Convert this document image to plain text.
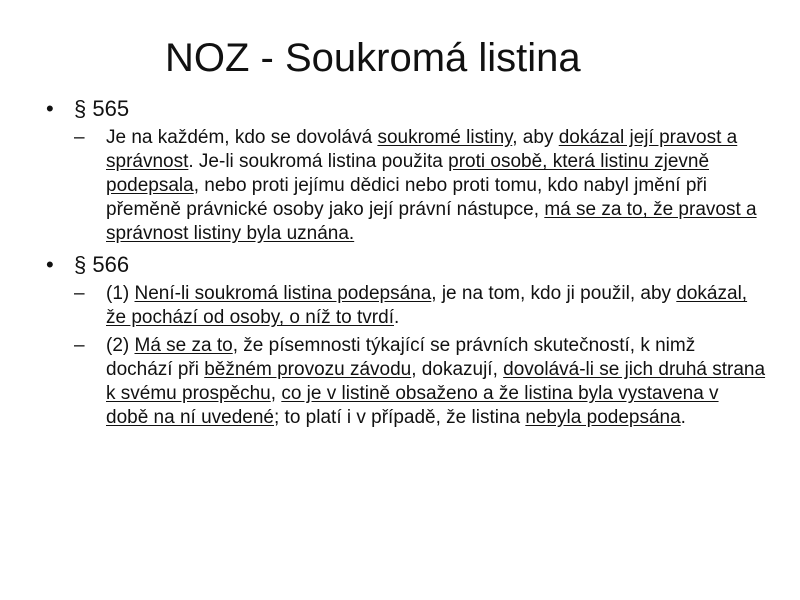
NOZ - Soukromá listina
• § 565
– Je na každém, kdo se dovolává soukromé listiny, aby dokázal její pravost a správnost. Je-li soukromá listina použita proti osobě, která listinu zjevně podepsala, nebo proti jejímu dědici nebo proti tomu, kdo nabyl jmění při přeměně právnické osoby jako její právní nástupce, má se za to, že pravost a správnost listiny byla uznána.
• § 566
– (1) Není-li soukromá listina podepsána, je na tom, kdo ji použil, aby dokázal, že pochází od osoby, o níž to tvrdí.
– (2) Má se za to, že písemnosti týkající se právních skutečností, k nimž dochází při běžném provozu závodu, dokazují, dovolává-li se jich druhá strana k svému prospěchu, co je v listině obsaženo a že listina byla vystavena v době na ní uvedené; to platí i v případě, že listina nebyla podepsána.
